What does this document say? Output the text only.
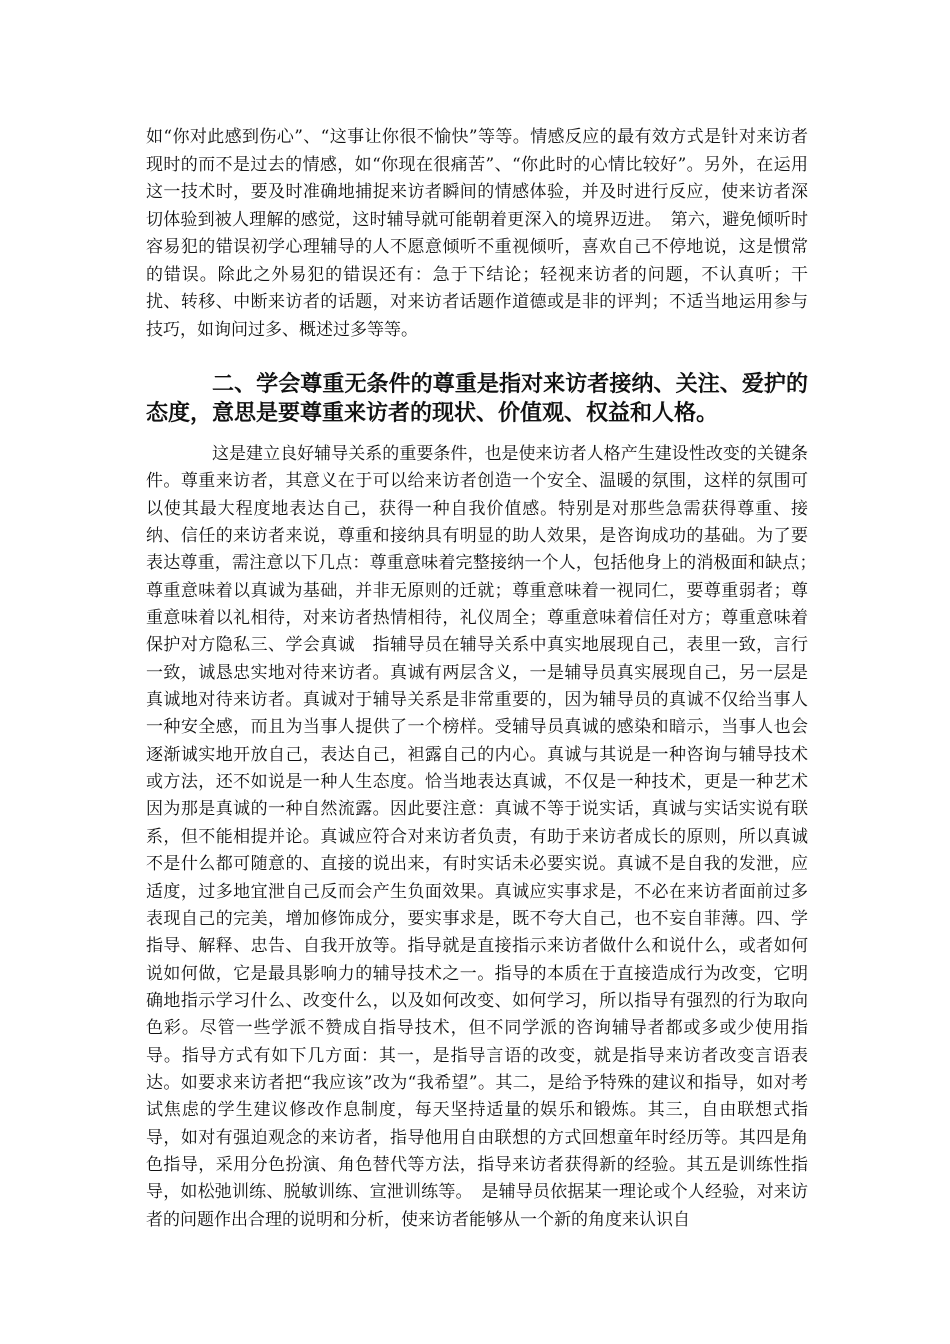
如“你对此感到伤心”、“这事让你很不愉快”等等。情感反应的最有效方式是针对来访者现时的而不是过去的情感，如“你现在很痛苦”、“你此时的心情比较好”。另外，在运用这一技术时，要及时准确地捕捉来访者瞬间的情感体验，并及时进行反应，使来访者深切体验到被人理解的感觉，这时辅导就可能朝着更深入的境界迈进。　第六，避免倾听时容易犯的错误初学心理辅导的人不愿意倾听不重视倾听，喜欢自己不停地说，这是惯常的错误。除此之外易犯的错误还有：急于下结论；轻视来访者的问题，不认真听；干扰、转移、中断来访者的话题，对来访者话题作道德或是非的评判；不适当地运用参与技巧，如询问过多、概述过多等等。

二、学会尊重无条件的尊重是指对来访者接纳、关注、爱护的态度，意思是要尊重来访者的现状、价值观、权益和人格。

这是建立良好辅导关系的重要条件，也是使来访者人格产生建设性改变的关键条件。尊重来访者，其意义在于可以给来访者创造一个安全、温暖的氛围，这样的氛围可以使其最大程度地表达自己，获得一种自我价值感。特别是对那些急需获得尊重、接纳、信任的来访者来说，尊重和接纳具有明显的助人效果，是咨询成功的基础。为了要表达尊重，需注意以下几点：尊重意味着完整接纳一个人，包括他身上的消极面和缺点；　尊重意味着以真诚为基础，并非无原则的迁就；尊重意味着一视同仁，要尊重弱者；尊重意味着以礼相待，对来访者热情相待，礼仪周全；尊重意味着信任对方；尊重意味着保护对方隐私三、学会真诚　指辅导员在辅导关系中真实地展现自己，表里一致，言行一致，诚恳忠实地对待来访者。真诚有两层含义，一是辅导员真实展现自己，另一层是真诚地对待来访者。真诚对于辅导关系是非常重要的，因为辅导员的真诚不仅给当事人一种安全感，而且为当事人提供了一个榜样。受辅导员真诚的感染和暗示，当事人也会逐渐诚实地开放自己，表达自己，袒露自己的内心。真诚与其说是一种咨询与辅导技术或方法，还不如说是一种人生态度。恰当地表达真诚，不仅是一种技术，更是一种艺术因为那是真诚的一种自然流露。因此要注意：真诚不等于说实话，真诚与实话实说有联系，但不能相提并论。真诚应符合对来访者负责，有助于来访者成长的原则，所以真诚不是什么都可随意的、直接的说出来，有时实话未必要实说。真诚不是自我的发泄，应适度，过多地宜泄自己反而会产生负面效果。真诚应实事求是，不必在来访者面前过多表现自己的完美，增加修饰成分，要实事求是，既不夸大自己，也不妄自菲薄。四、学指导、解释、忠告、自我开放等。指导就是直接指示来访者做什么和说什么，或者如何说如何做，它是最具影响力的辅导技术之一。指导的本质在于直接造成行为改变，它明确地指示学习什么、改变什么，以及如何改变、如何学习，所以指导有强烈的行为取向色彩。尽管一些学派不赞成自指导技术，但不同学派的咨询辅导者都或多或少使用指导。指导方式有如下几方面：其一，是指导言语的改变，就是指导来访者改变言语表达。如要求来访者把“我应该”改为“我希望”。其二，是给予特殊的建议和指导，如对考试焦虑的学生建议修改作息制度，每天坚持适量的娱乐和锻炼。其三，自由联想式指导，如对有强迫观念的来访者，指导他用自由联想的方式回想童年时经历等。其四是角色指导，采用分色扮演、角色替代等方法，指导来访者获得新的经验。其五是训练性指导，如松弛训练、脱敏训练、宣泄训练等。　是辅导员依据某一理论或个人经验，对来访者的问题作出合理的说明和分析，使来访者能够从一个新的角度来认识自
